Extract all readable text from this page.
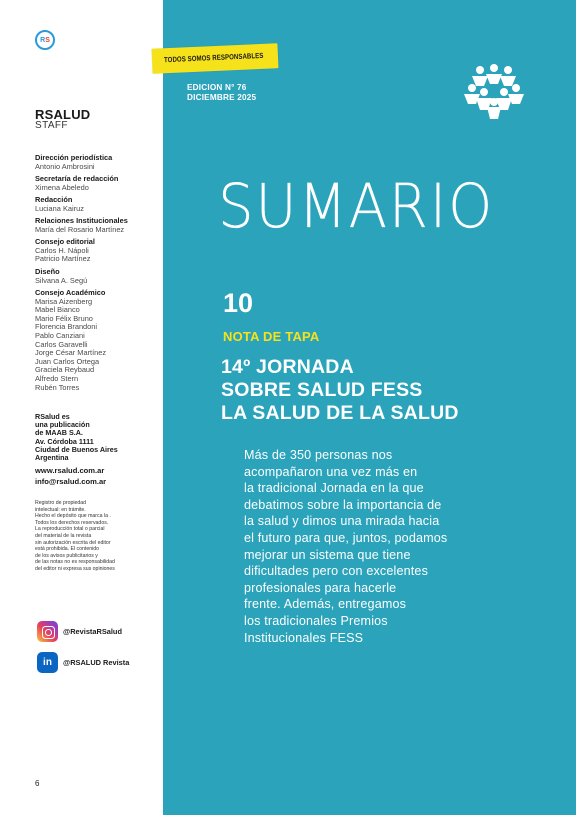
R S
RSALUD
STAFF
Dirección periodística
Antonio Ambrosini
Secretaría de redacción
Ximena Abeledo
Redacción
Luciana Kairuz
Relaciones Institucionales
María del Rosario Martínez
Consejo editorial
Carlos H. Nápoli
Patricio Martínez
Diseño
Silvana A. Segú
Consejo Académico
Marisa Aizenberg
Mabel Bianco
Mario Félix Bruno
Florencia Brandoni
Pablo Canziani
Carlos Garavelli
Jorge César Martínez
Juan Carlos Ortega
Graciela Reybaud
Alfredo Stern
Rubén Torres
RSalud es
una publicación
de MAAB S.A.
Av. Córdoba 1111
Ciudad de Buenos Aires
Argentina
www.rsalud.com.ar
info@rsalud.com.ar
Registro de propiedad
intelectual: en trámite.
Hecho el depósito que marca la .
Todos los derechos reservados.
La reproducción total o parcial
del material de la revista
sin autorización escrita del editor
está prohibida. El contenido
de los avisos publicitarios y
de las notas no es responsabilidad
del editor ni expresa sus opiniones
@RevistaRSalud
in	@RSALUD Revista
6
TODOS SOMOS RESPONSABLES
EDICION N° 76
DICIEMBRE 2025
SUMARIO
10
NOTA DE TAPA
14º JORNADA
SOBRE SALUD FESS
LA SALUD DE LA SALUD
Más de 350 personas nos
acompañaron una vez más en
la tradicional Jornada en la que
debatimos sobre la importancia de
la salud y dimos una mirada hacia
el futuro para que, juntos, podamos
mejorar un sistema que tiene
dificultades pero con excelentes
profesionales para hacerle
frente. Además, entregamos
los tradicionales Premios
Institucionales FESS
